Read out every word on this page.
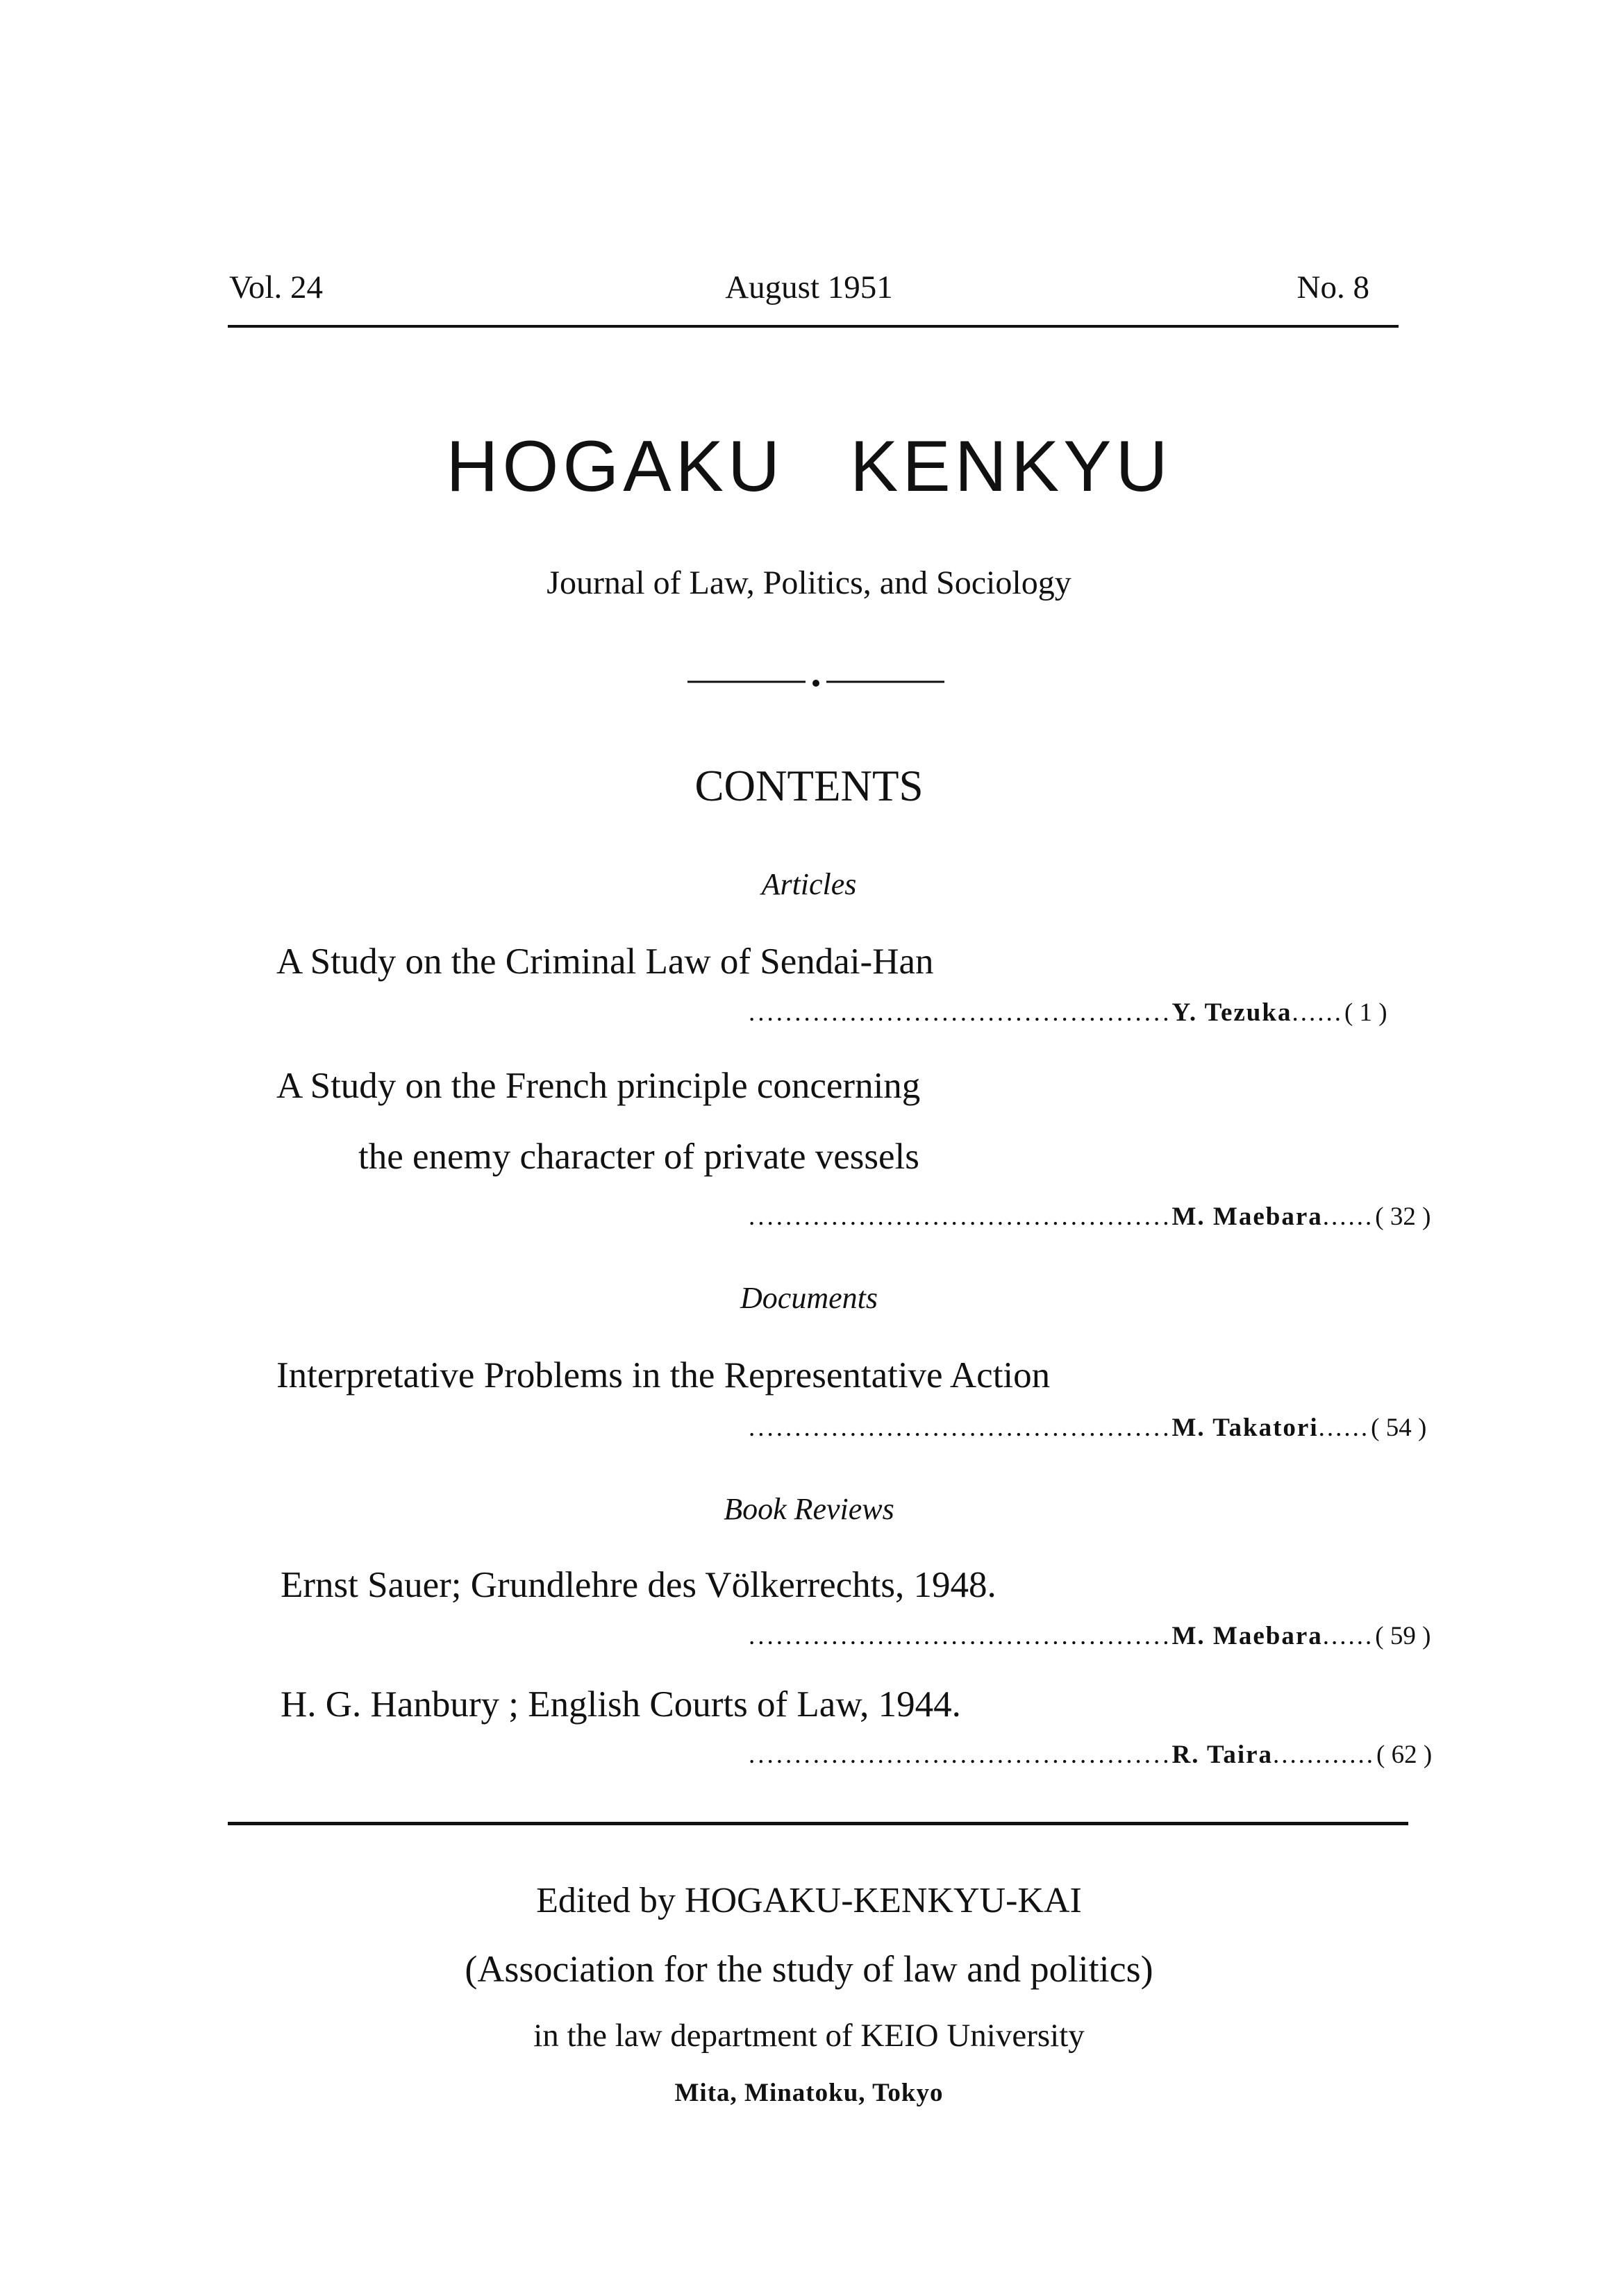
August 1951
Vol. 24	No. 8
HOGAKU KENKYU
Journal of Law, Politics, and Sociology
CONTENTS
Articles
A Study on the Criminal Law of Sendai-Han
.............................................. Y. Tezuka ...... ( 1 )
A Study on the French principle concerning
the enemy character of private vessels
.............................................. M. Maebara ...... ( 32 )
Documents
Interpretative Problems in the Representative Action
.............................................. M. Takatori ...... ( 54 )
Book Reviews
Ernst Sauer; Grundlehre des Völkerrechts, 1948.
.............................................. M. Maebara ...... ( 59 )
H. G. Hanbury ; English Courts of Law, 1944.
.............................................. R. Taira ............ ( 62 )
Edited by HOGAKU-KENKYU-KAI
(Association for the study of law and politics)
in the law department of KEIO University
Mita, Minatoku, Tokyo
